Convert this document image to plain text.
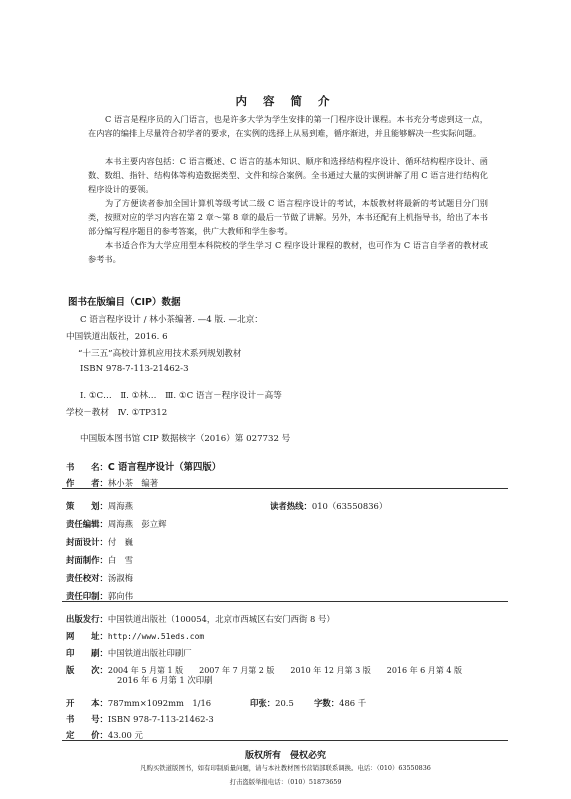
内 容 简 介
C 语言是程序员的入门语言，也是许多大学为学生安排的第一门程序设计课程。本书充分考虑到这一点，在内容的编排上尽量符合初学者的要求，在实例的选择上从易到难，循序渐进，并且能够解决一些实际问题。
本书主要内容包括：C 语言概述、C 语言的基本知识、顺序和选择结构程序设计、循环结构程序设计、函数、数组、指针、结构体等构造数据类型、文件和综合案例。全书通过大量的实例讲解了用 C 语言进行结构化程序设计的要领。
为了方便读者参加全国计算机等级考试二级 C 语言程序设计的考试，本版教材将最新的考试题目分门别类，按照对应的学习内容在第 2 章～第 8 章的最后一节做了讲解。另外，本书还配有上机指导书，给出了本书部分编写程序题目的参考答案，供广大教师和学生参考。
本书适合作为大学应用型本科院校的学生学习 C 程序设计课程的教材，也可作为 C 语言自学者的教材或参考书。
图书在版编目（CIP）数据
C 语言程序设计 / 林小茶编著. —4 版. —北京：
中国铁道出版社，2016. 6
“十三五”高校计算机应用技术系列规划教材
ISBN 978-7-113-21462-3
Ⅰ. ①C…　Ⅱ. ①林…　Ⅲ. ①C 语言－程序设计－高等
学校－教材　Ⅳ. ①TP312
中国版本图书馆 CIP 数据核字（2016）第 027732 号
书　　名：C 语言程序设计（第四版）
作　　者：林小茶　编著
策　　划：周海燕	读者热线：010（63550836）
责任编辑：周海燕　彭立辉
封面设计：付　巍
封面制作：白　雪
责任校对：汤淑梅
责任印制：郭向伟
出版发行：中国铁道出版社（100054，北京市西城区右安门西街 8 号）
网　　址：http://www.51eds.com
印　　刷：中国铁道出版社印刷厂
版　　次：2004 年 5 月第 1 版　　2007 年 7 月第 2 版　　2010 年 12 月第 3 版　　2016 年 6 月第 4 版
2016 年 6 月第 1 次印刷
开　　本：787mm×1092mm　1/16	印张：20.5 字数：486 千
书　　号：ISBN 978-7-113-21462-3
定　　价：43.00 元
版权所有　侵权必究
凡购买铁道版图书，如有印制质量问题，请与本社教材图书营销部联系调换。电话：（010）63550836
打击盗版举报电话：（010）51873659
